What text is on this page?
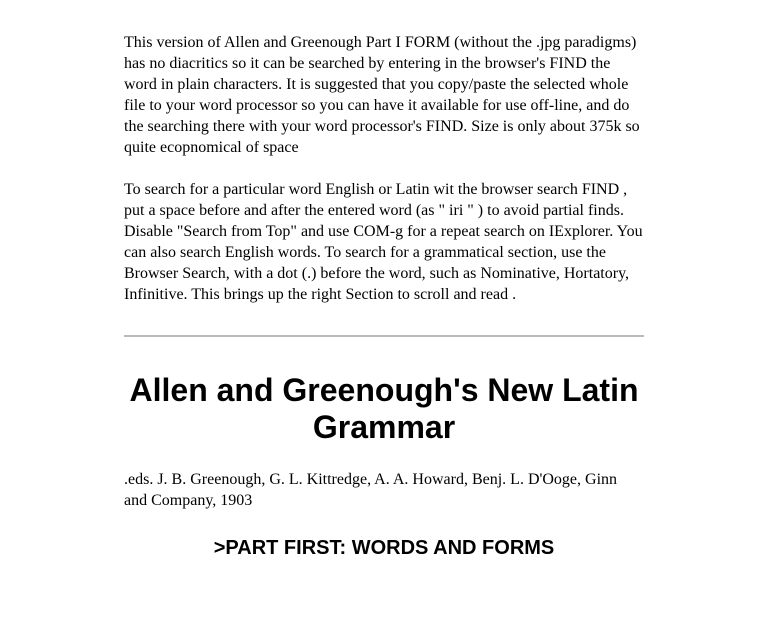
This version of Allen and Greenough Part I FORM (without the .jpg paradigms) has no diacritics so it can be searched by entering in the browser's FIND the word in plain characters. It is suggested that you copy/paste the selected whole file to your word processor so you can have it available for use off-line, and do the searching there with your word processor's FIND. Size is only about 375k so quite ecopnomical of space

To search for a particular word English or Latin wit the browser search FIND , put a space before and after the entered word (as " iri " ) to avoid partial finds. Disable "Search from Top" and use COM-g for a repeat search on IExplorer. You can also search English words. To search for a grammatical section, use the Browser Search, with a dot (.) before the word, such as Nominative, Hortatory, Infinitive. This brings up the right Section to scroll and read .

Allen and Greenough's New Latin Grammar

.eds. J. B. Greenough, G. L. Kittredge, A. A. Howard, Benj. L. D'Ooge, Ginn and Company, 1903

>PART FIRST: WORDS AND FORMS
